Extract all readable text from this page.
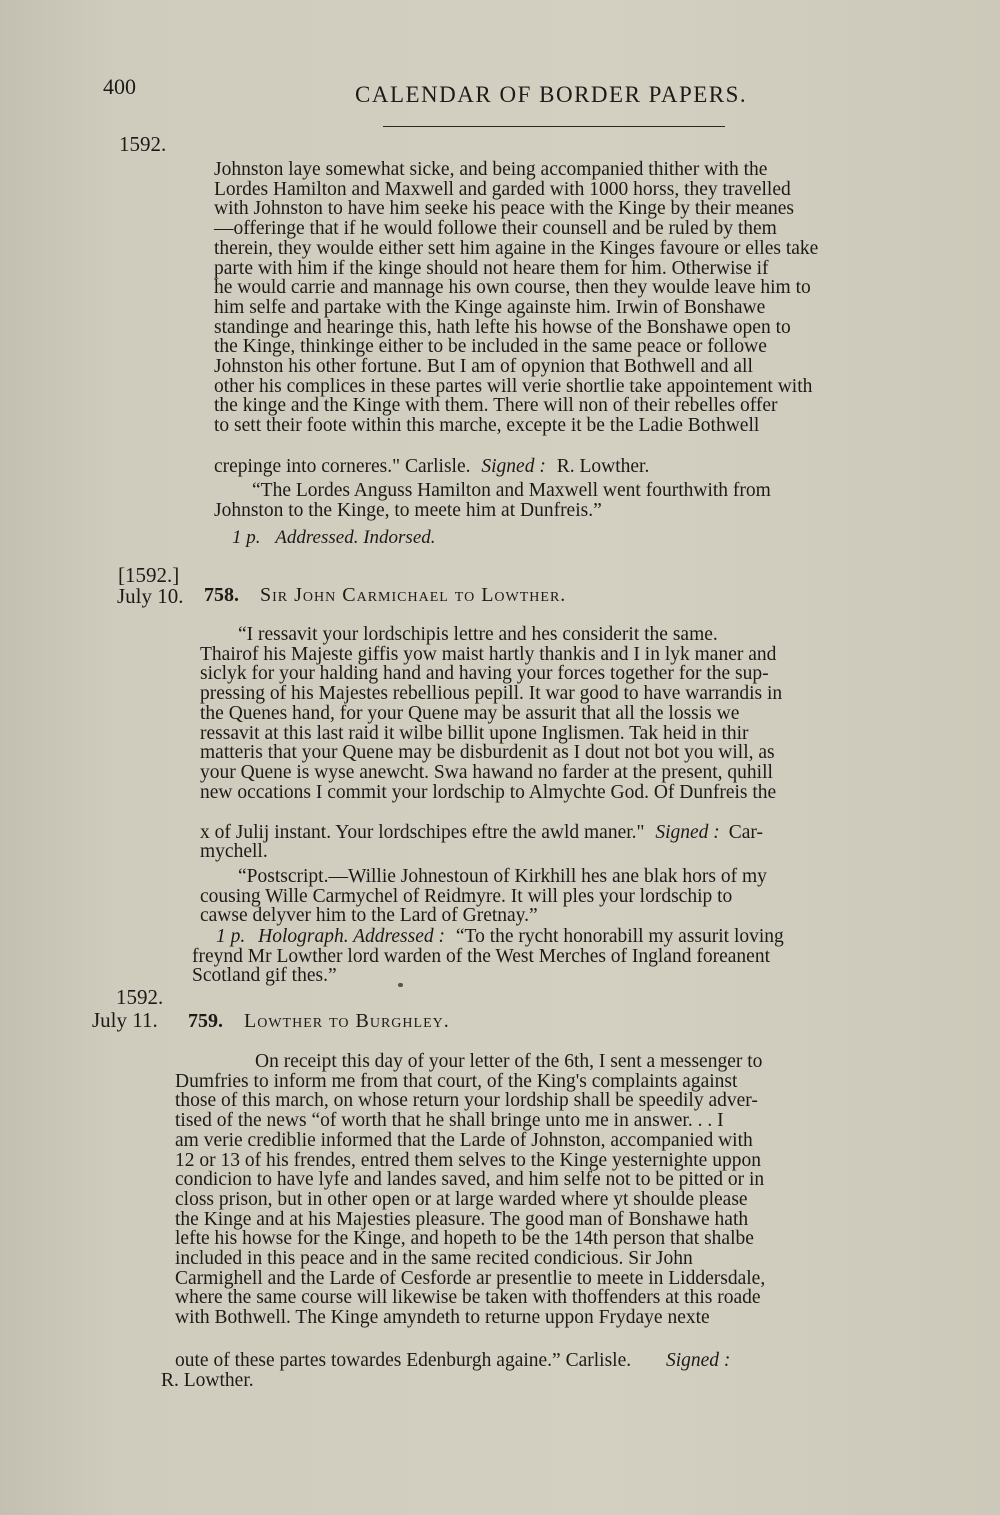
400	CALENDAR OF BORDER PAPERS.
1592.

Johnston laye somewhat sicke, and being accompanied thither with the
Lordes Hamilton and Maxwell and garded with 1000 horss, they travelled
with Johnston to have him seeke his peace with the Kinge by their meanes
—offeringe that if he would followe their counsell and be ruled by them
therein, they woulde either sett him againe in the Kinges favoure or elles take
parte with him if the kinge should not heare them for him. Otherwise if
he would carrie and mannage his own course, then they woulde leave him to
him selfe and partake with the Kinge againste him. Irwin of Bonshawe
standinge and hearinge this, hath lefte his howse of the Bonshawe open to
the Kinge, thinkinge either to be included in the same peace or followe
Johnston his other fortune. But I am of opynion that Bothwell and all
other his complices in these partes will verie shortlie take appointement with
the kinge and the Kinge with them. There will non of their rebelles offer
to sett their foote within this marche, excepte it be the Ladie Bothwell

crepinge into corneres." Carlisle. Signed : R. Lowther.

“The Lordes Anguss Hamilton and Maxwell went fourthwith from

Johnston to the Kinge, to meete him at Dunfreis.”

1 p. Addressed. Indorsed.
[1592.]
July 10. 758. Sir John Carmichael to Lowther.

“I ressavit your lordschipis lettre and hes considerit the same.
Thairof his Majeste giffis yow maist hartly thankis and I in lyk maner and
siclyk for your halding hand and having your forces together for the sup-
pressing of his Majestes rebellious pepill. It war good to have warrandis in
the Quenes hand, for your Quene may be assurit that all the lossis we
ressavit at this last raid it wilbe billit upone Inglismen. Tak heid in thir
matteris that your Quene may be disburdenit as I dout not bot you will, as
your Quene is wyse anewcht. Swa hawand no farder at the present, quhill
new occations I commit your lordschip to Almychte God. Of Dunfreis the

x of Julij instant. Your lordschipes eftre the awld maner." Signed : Car-
mychell.

“Postscript.—Willie Johnestoun of Kirkhill hes ane blak hors of my
cousing Wille Carmychel of Reidmyre. It will ples your lordschip to
cawse delyver him to the Lard of Gretnay.”

1 p. Holograph. Addressed : “To the rycht honorabill my assurit loving

freynd Mr Lowther lord warden of the West Merches of Ingland foreanent

Scotland gif thes.”

1592.
July 11. 759. Lowther to Burghley.

On receipt this day of your letter of the 6th, I sent a messenger to
Dumfries to inform me from that court, of the King's complaints against
those of this march, on whose return your lordship shall be speedily adver-
tised of the news “of worth that he shall bringe unto me in answer. . . I
am verie crediblie informed that the Larde of Johnston, accompanied with
12 or 13 of his frendes, entred them selves to the Kinge yesternighte uppon
condicion to have lyfe and landes saved, and him selfe not to be pitted or in
closs prison, but in other open or at large warded where yt shoulde please
the Kinge and at his Majesties pleasure. The good man of Bonshawe hath
lefte his howse for the Kinge, and hopeth to be the 14th person that shalbe
included in this peace and in the same recited condicious. Sir John
Carmighell and the Larde of Cesforde ar presentlie to meete in Liddersdale,
where the same course will likewise be taken with thoffenders at this roade
with Bothwell. The Kinge amyndeth to returne uppon Frydaye nexte

oute of these partes towardes Edenburgh againe.” Carlisle. Signed :
R. Lowther.
